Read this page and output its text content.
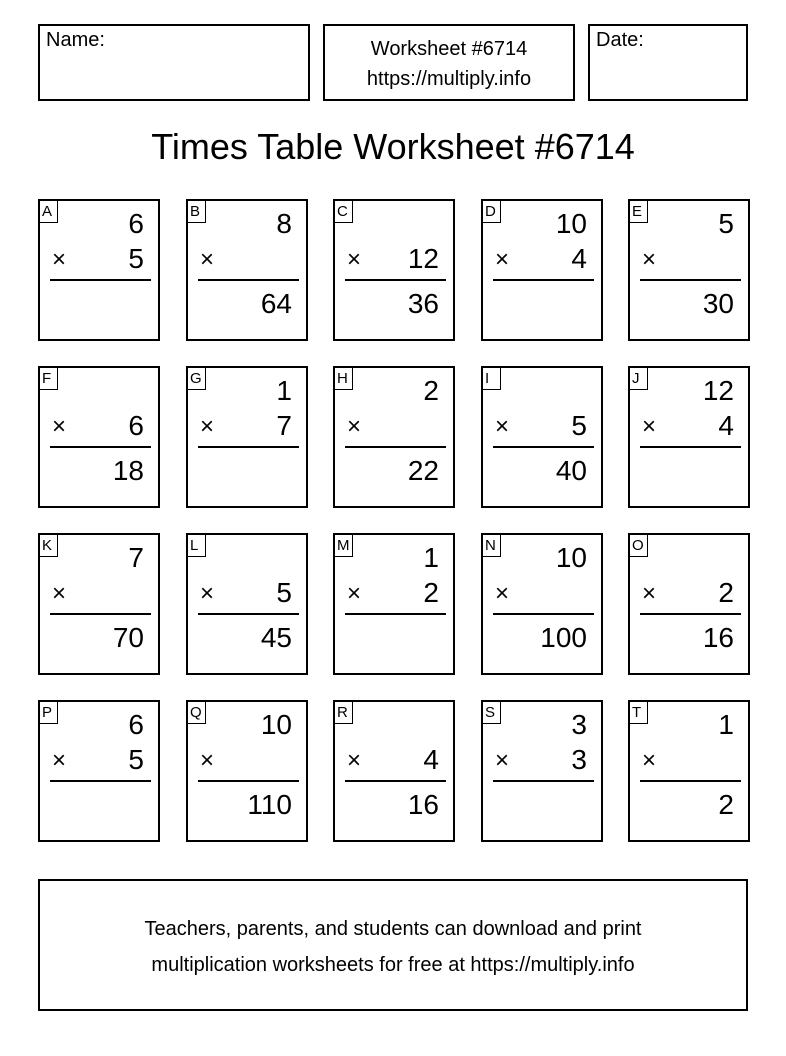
Name:	Worksheet #6714
https://multiply.info
Date:
Times Table Worksheet #6714
A	6
× 5
B	8
×
64
C
× 12
36
D 10
× 4
E	5
×
30
F
× 6
18
G	1
× 7
H	2
×
22
I
× 5
40
J	12
× 4
K	7
×
70
L
× 5
45
M	1
× 2
N 10
×
100
O
× 2
16
P	6
× 5
Q 10
×
110
R
× 4
16
S	3
× 3
T	1
×
2
Teachers, parents, and students can download and print
multiplication worksheets for free at https://multiply.info
